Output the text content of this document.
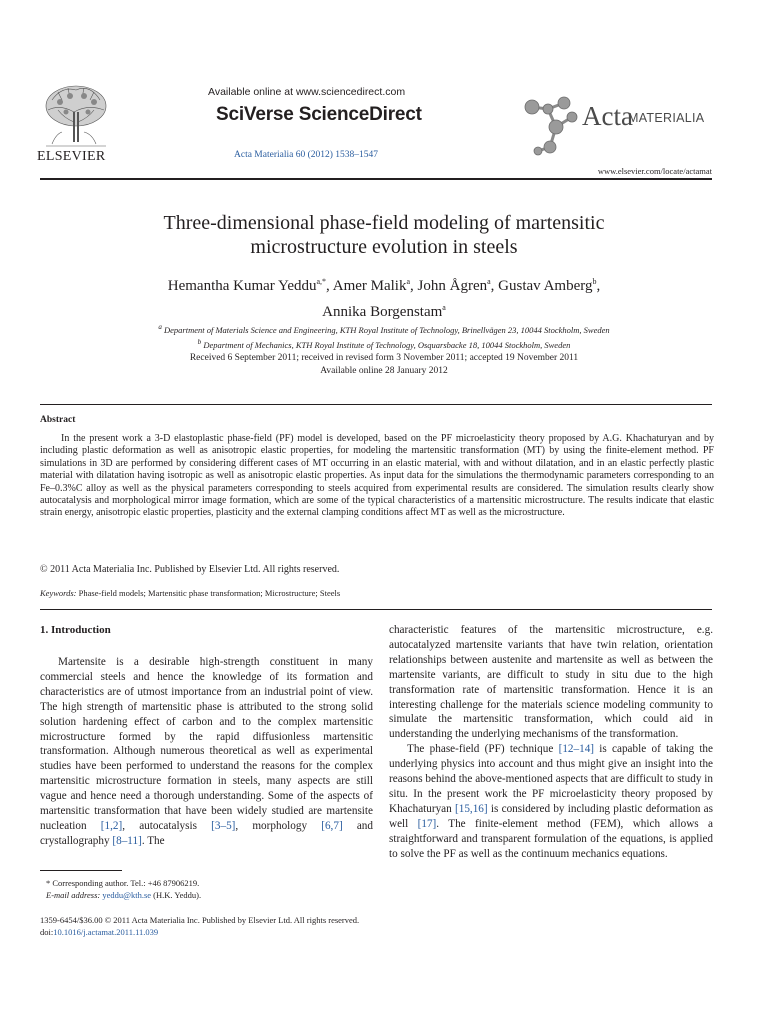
ELSEVIER
Available online at www.sciencedirect.com
SciVerse ScienceDirect
Acta Materialia 60 (2012) 1538–1547
Acta
MATERIALIA
www.elsevier.com/locate/actamat
Three-dimensional phase-field modeling of martensitic
microstructure evolution in steels
Hemantha Kumar Yeddu$^{a,*}$, Amer Malik$^a$, John Ågren$^a$, Gustav Amberg$^b$,
Annika Borgenstam$^a$
$^a$ Department of Materials Science and Engineering, KTH Royal Institute of Technology, Brinellvägen 23, 10044 Stockholm, Sweden
$^b$ Department of Mechanics, KTH Royal Institute of Technology, Osquarsbacke 18, 10044 Stockholm, Sweden
Received 6 September 2011; received in revised form 3 November 2011; accepted 19 November 2011
Available online 28 January 2012
Abstract

In the present work a 3-D elastoplastic phase-field (PF) model is developed, based on the PF microelasticity theory proposed by A.G. Khachaturyan and by including plastic deformation as well as anisotropic elastic properties, for modeling the martensitic transformation (MT) by using the finite-element method. PF simulations in 3D are performed by considering different cases of MT occurring in an elastic material, with and without dilatation, and in an elastic perfectly plastic material with dilatation having isotropic as well as anisotropic elastic properties. As input data for the simulations the thermodynamic parameters corresponding to an Fe–0.3%C alloy as well as the physical parameters corresponding to steels acquired from experimental results are considered. The simulation results clearly show autocatalysis and morphological mirror image formation, which are some of the typical characteristics of a martensitic microstructure. The results indicate that elastic strain energy, anisotropic elastic properties, plasticity and the external clamping conditions affect MT as well as the microstructure.

© 2011 Acta Materialia Inc. Published by Elsevier Ltd. All rights reserved.
Keywords: Phase-field models; Martensitic phase transformation; Microstructure; Steels
1. Introduction

Martensite is a desirable high-strength constituent in many commercial steels and hence the knowledge of its formation and characteristics are of utmost importance from an industrial point of view. The high strength of martensitic phase is attributed to the strong solid solution hardening effect of carbon and to the complex martensitic microstructure formed by the rapid diffusionless martensitic transformation. Although numerous theoretical as well as experimental studies have been performed to understand the reasons for the complex martensitic microstructure formation in steels, many aspects are still vague and hence need a thorough understanding. Some of the aspects of martensitic transformation that have been widely studied are martensite nucleation [1,2], autocatalysis [3–5], morphology [6,7] and crystallography [8–11]. The

* Corresponding author. Tel.: +46 87906219.
E-mail address: yeddu@kth.se (H.K. Yeddu).

characteristic features of the martensitic microstructure, e.g. autocatalyzed martensite variants that have twin relation, orientation relationships between austenite and martensite as well as between the martensite variants, are difficult to study in situ due to the high transformation rate of martensitic transformation. Hence it is an interesting challenge for the materials science modeling community to simulate the martensitic transformation, which could aid in understanding the underlying mechanisms of the transformation.

The phase-field (PF) technique [12–14] is capable of taking the underlying physics into account and thus might give an insight into the reasons behind the above-mentioned aspects that are difficult to study in situ. In the present work the PF microelasticity theory proposed by Khachaturyan [15,16] is considered by including plastic deformation as well [17]. The finite-element method (FEM), which allows a straightforward and transparent formulation of the equations, is applied to solve the PF as well as the continuum mechanics equations.

1359-6454/$36.00 © 2011 Acta Materialia Inc. Published by Elsevier Ltd. All rights reserved.
doi:10.1016/j.actamat.2011.11.039
